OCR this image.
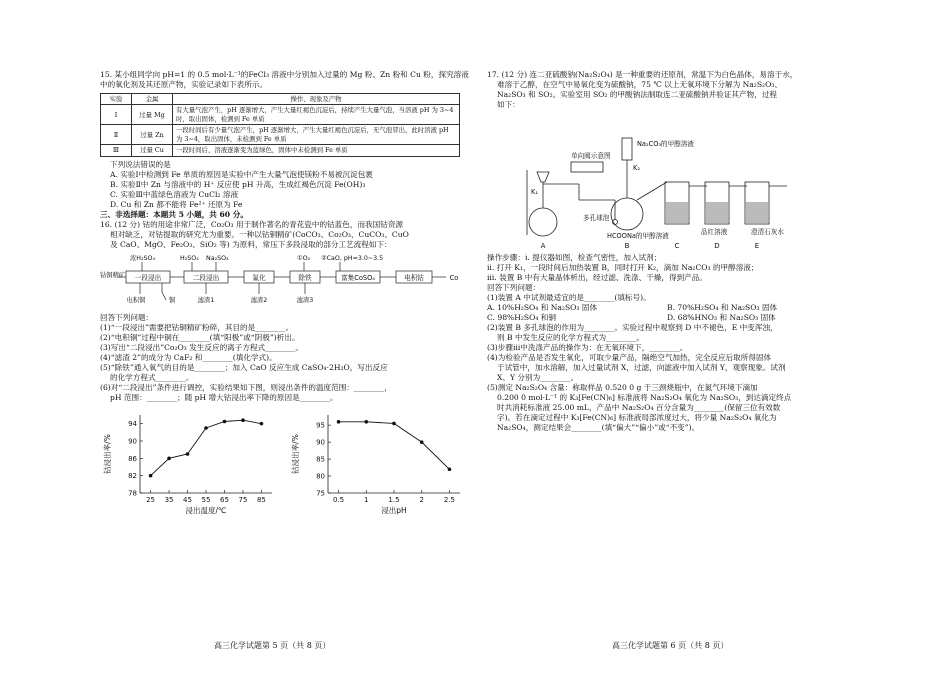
15. 某小组同学向 pH=1 的 0.5 mol·L⁻¹的FeCl₃ 溶液中分别加入过量的 Mg 粉、Zn 粉和 Cu 粉，探究溶液中的氧化剂及其还原产物，实验记录如下表所示。

实验	金属	操作、现象及产物
Ⅰ	过量 Mg	有大量气泡产生，pH 逐渐增大，产生大量红褐色沉淀后，持续产生大量气泡，当溶液 pH 为 3~4 时，取出固体，检测到 Fe 单质
Ⅱ	过量 Zn	一段时间后有少量气泡产生，pH 逐渐增大，产生大量红褐色沉淀后，无气泡冒出，此时溶液 pH 为 3~4，取出固体，未检测到 Fe 单质
Ⅲ	过量 Cu	一段时间后，溶液逐渐变为蓝绿色，固体中未检测到 Fe 单质

下列说法错误的是

A. 实验Ⅰ中检测到 Fe 单质的原因是实验中产生大量气泡使镁粉不易被沉淀包裹

B. 实验Ⅱ中 Zn 与溶液中的 H⁺ 反应使 pH 升高，生成红褐色沉淀 Fe(OH)₃

C. 实验Ⅲ中蓝绿色溶液为 CuCl₂ 溶液

D. Cu 和 Zn 都不能将 Fe²⁺ 还原为 Fe

三、非选择题：本题共 5 小题，共 60 分。

16. (12 分) 钴的用途非常广泛，Co₂O₃ 用于制作著名的青花瓷中的钴蓝色，而我国钴资源

相对缺乏，对钴提取的研究尤为重要。一种以钴铜精矿(CoCO₃、Co₂O₃、CuCO₃、CuO

及 CaO、MgO、Fe₂O₃、SiO₂ 等) 为原料，常压下多段浸取的部分工艺流程如下：

浓H₂SO₄	H₂SO₄ Na₂SO₃	①O₂ ②CaO, pH=3.0~3.5
钴铜精矿 一段浸出	二段浸出	氟化	除铁	富集CoSO₄	电积钴	Co
电积铜	铜	滤渣1	滤渣2	滤渣3

回答下列问题：

(1)“一段浸出”需要把钴铜精矿粉碎，其目的是________。

(2)“电积铜”过程中铜在________(填“阳极”或“阴极”)析出。

(3)写出“二段浸出”Co₂O₃ 发生反应的离子方程式________。

(4)“滤渣 2”的成分为 CaF₂ 和________(填化学式)。

(5)“除铁”通入氧气的目的是________；加入 CaO 反应生成 CaSO₄·2H₂O，写出反应

的化学方程式________。

(6)对“二段浸出”条件进行调控，实验结果如下图，则浸出条件的温度范围：________，

pH 范围：________；随 pH 增大钴浸出率下降的原因是________。

78
82
86
90
94
25 35 45 55 65 75 85
浸出温度/℃
钴浸出率/%
75
80
85
90
95
0.5	1	1.5	2	2.5
浸出pH
钴浸出率/%

17. (12 分) 连二亚硫酸钠(Na₂S₂O₄) 是一种重要的还原剂，常温下为白色晶体，易溶于水，

难溶于乙醇，在空气中易氧化变为硫酸钠，75 ℃ 以上无氧环境下分解为 Na₂S₂O₃、

Na₂SO₃ 和 SO₂。实验室用 SO₂ 的甲酸钠法制取连二亚硫酸钠并验证其产物，过程

如下：

单向阀示意图
Na₂CO₃的甲醇溶液
K₁
K₂
多孔球泡
HCOONa的甲醇溶液	品红溶液	澄清石灰水
A	B	C	D	E

操作步骤：ⅰ. 提仪器如图，检查气密性，加入试剂；

ⅱ. 打开 K₁，一段时间后加热装置 B，同时打开 K₂，滴加 Na₂CO₃ 的甲醇溶液；

ⅲ. 装置 B 中有大量晶体析出，经过滤、洗涤、干燥，得到产品。

回答下列问题：

(1)装置 A 中试剂最适宜的是________(填标号)。

A. 10%H₂SO₄ 和 Na₂SO₃ 固体	B. 70%H₂SO₄ 和 Na₂SO₃ 固体

C. 98%H₂SO₄ 和铜	D. 68%HNO₃ 和 Na₂SO₃ 固体

(2)装置 B 多孔球泡的作用为________。实验过程中观察到 D 中不褪色，E 中变浑浊，

则 B 中发生反应的化学方程式为________。

(3)步骤ⅲ中洗涤产品的操作为：在无氧环境下，________。

(4)为检验产品是否发生氧化，可取少量产品，隔绝空气加热，完全反应后取所得固体

于试管中，加水溶解，加入过量试剂 X，过滤，向滤液中加入试剂 Y，观察现象。试剂

X、Y 分别为________。

(5)测定 Na₂S₂O₄ 含量：称取样品 0.520 0 g 于三颈烧瓶中，在氮气环境下滴加

0.200 0 mol·L⁻¹ 的 K₃[Fe(CN)₆] 标准液将 Na₂S₂O₄ 氧化为 Na₂SO₃，到达滴定终点

时共消耗标准液 25.00 mL，产品中 Na₂S₂O₄ 百分含量为________(保留三位有效数

字)。若在滴定过程中 K₃[Fe(CN)₆] 标准液局部浓度过大，将少量 Na₂S₂O₄ 氧化为

Na₂SO₄，测定结果会________(填“偏大”“偏小”或“不变”)。

高三化学试题第 5 页（共 8 页）	高三化学试题第 6 页（共 8 页）
